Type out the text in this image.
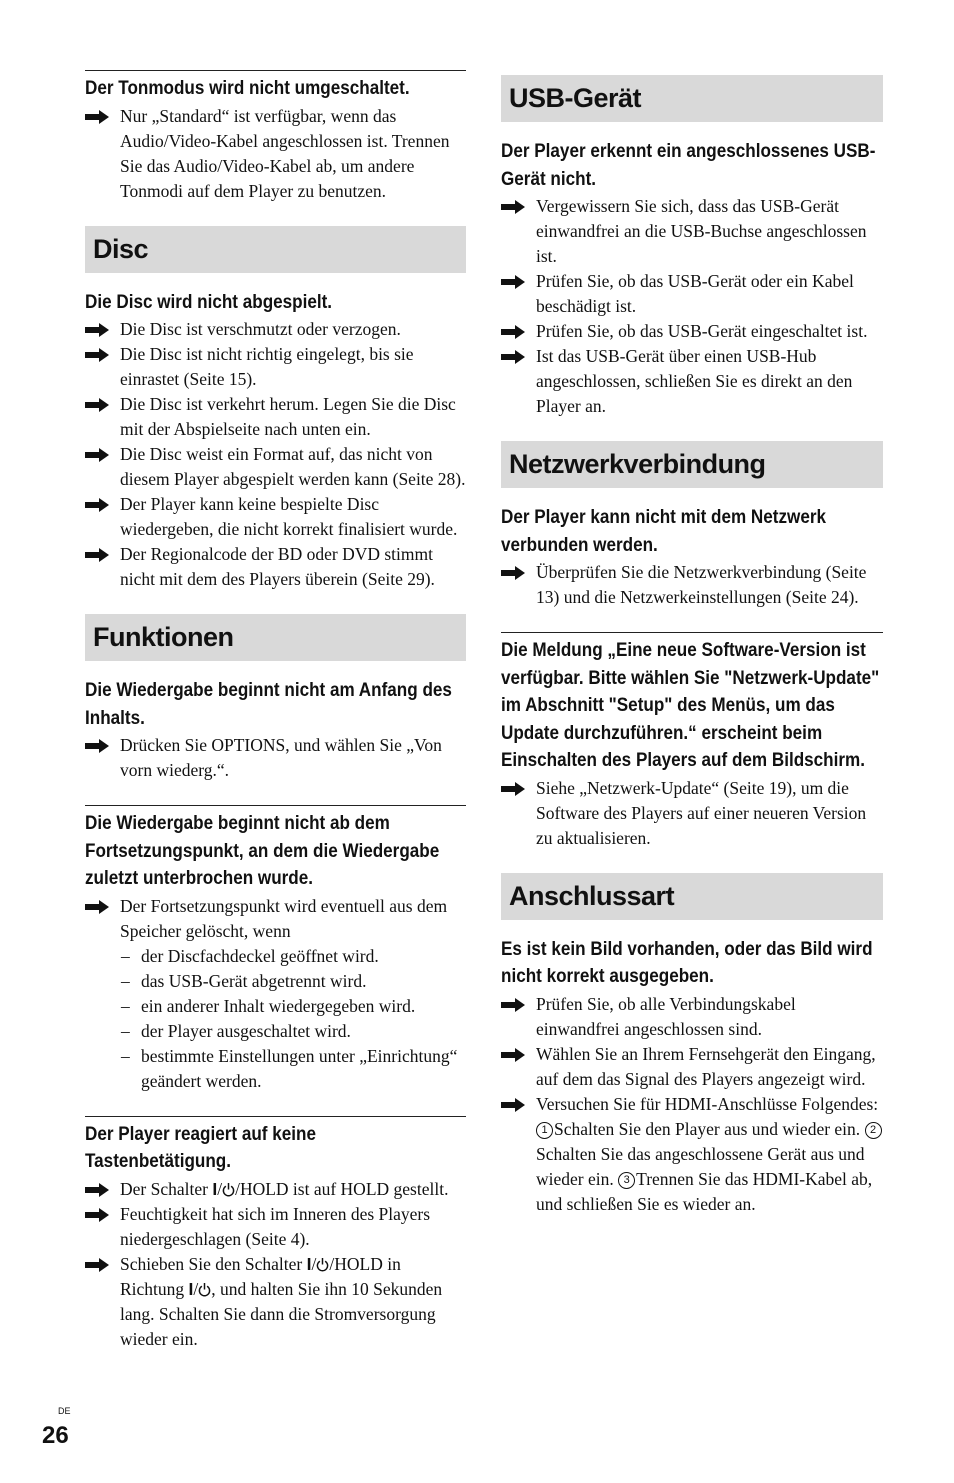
Der Tonmodus wird nicht umgeschaltet.
Nur „Standard“ ist verfügbar, wenn das Audio/Video-Kabel angeschlossen ist. Trennen Sie das Audio/Video-Kabel ab, um andere Tonmodi auf dem Player zu benutzen.
Disc
Die Disc wird nicht abgespielt.
Die Disc ist verschmutzt oder verzogen.
Die Disc ist nicht richtig eingelegt, bis sie einrastet (Seite 15).
Die Disc ist verkehrt herum. Legen Sie die Disc mit der Abspielseite nach unten ein.
Die Disc weist ein Format auf, das nicht von diesem Player abgespielt werden kann (Seite 28).
Der Player kann keine bespielte Disc wiedergeben, die nicht korrekt finalisiert wurde.
Der Regionalcode der BD oder DVD stimmt nicht mit dem des Players überein (Seite 29).
Funktionen
Die Wiedergabe beginnt nicht am Anfang des Inhalts.
Drücken Sie OPTIONS, und wählen Sie „Von vorn wiederg.“.
Die Wiedergabe beginnt nicht ab dem Fortsetzungspunkt, an dem die Wiedergabe zuletzt unterbrochen wurde.
Der Fortsetzungspunkt wird eventuell aus dem Speicher gelöscht, wenn
– der Discfachdeckel geöffnet wird.
– das USB-Gerät abgetrennt wird.
– ein anderer Inhalt wiedergegeben wird.
– der Player ausgeschaltet wird.
– bestimmte Einstellungen unter „Einrichtung“ geändert werden.
Der Player reagiert auf keine Tastenbetätigung.
Der Schalter I/ /HOLD ist auf HOLD gestellt.
Feuchtigkeit hat sich im Inneren des Players niedergeschlagen (Seite 4).
Schieben Sie den Schalter I/ /HOLD in Richtung I/ , und halten Sie ihn 10 Sekunden lang. Schalten Sie dann die Stromversorgung wieder ein.
USB-Gerät
Der Player erkennt ein angeschlossenes USB-Gerät nicht.
Vergewissern Sie sich, dass das USB-Gerät einwandfrei an die USB-Buchse angeschlossen ist.
Prüfen Sie, ob das USB-Gerät oder ein Kabel beschädigt ist.
Prüfen Sie, ob das USB-Gerät eingeschaltet ist.
Ist das USB-Gerät über einen USB-Hub angeschlossen, schließen Sie es direkt an den Player an.
Netzwerkverbindung
Der Player kann nicht mit dem Netzwerk verbunden werden.
Überprüfen Sie die Netzwerkverbindung (Seite 13) und die Netzwerkeinstellungen (Seite 24).
Die Meldung „Eine neue Software-Version ist verfügbar. Bitte wählen Sie "Netzwerk-Update" im Abschnitt "Setup" des Menüs, um das Update durchzuführen.“ erscheint beim Einschalten des Players auf dem Bildschirm.
Siehe „Netzwerk-Update“ (Seite 19), um die Software des Players auf einer neueren Version zu aktualisieren.
Anschlussart
Es ist kein Bild vorhanden, oder das Bild wird nicht korrekt ausgegeben.
Prüfen Sie, ob alle Verbindungskabel einwandfrei angeschlossen sind.
Wählen Sie an Ihrem Fernsehgerät den Eingang, auf dem das Signal des Players angezeigt wird.
Versuchen Sie für HDMI-Anschlüsse Folgendes: 1 Schalten Sie den Player aus und wieder ein. 2Schalten Sie das angeschlossene Gerät aus und wieder ein. 3 Trennen Sie das HDMI-Kabel ab, und schließen Sie es wieder an.
DE
26
